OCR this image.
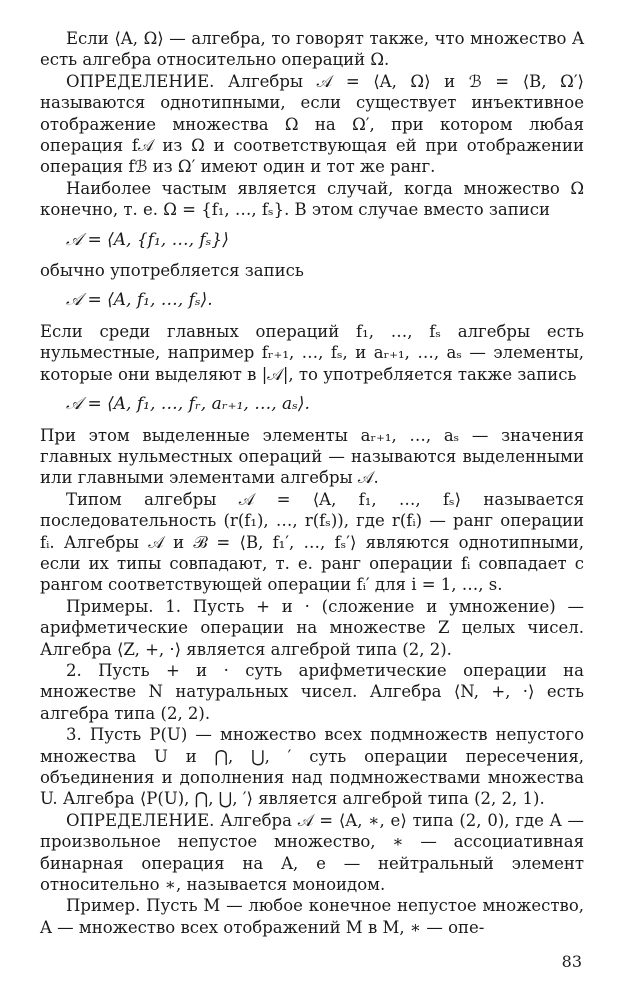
Если ⟨A, Ω⟩ — алгебра, то говорят также, что множество A есть алгебра относительно операций Ω.

ОПРЕДЕЛЕНИЕ. Алгебры 𝒜 = ⟨A, Ω⟩ и ℬ = ⟨B, Ω′⟩ называются однотипными, если существует инъективное отображение множества Ω на Ω′, при котором любая операция f𝒜 из Ω и соответствующая ей при отображении операция fℬ из Ω′ имеют один и тот же ранг.

Наиболее частым является случай, когда множество Ω конечно, т. е. Ω = {f₁, …, fₛ}. В этом случае вместо записи

𝒜 = ⟨A, {f₁, …, fₛ}⟩

обычно употребляется запись

𝒜 = ⟨A, f₁, …, fₛ⟩.

Если среди главных операций f₁, …, fₛ алгебры есть нульместные, например fᵣ₊₁, …, fₛ, и aᵣ₊₁, …, aₛ — элементы, которые они выделяют в |𝒜|, то употребляется также запись

𝒜 = ⟨A, f₁, …, fᵣ, aᵣ₊₁, …, aₛ⟩.

При этом выделенные элементы aᵣ₊₁, …, aₛ — значения главных нульместных операций — называются выделенными или главными элементами алгебры 𝒜.

Типом алгебры 𝒜 = ⟨A, f₁, …, fₛ⟩ называется последовательность (r(f₁), …, r(fₛ)), где r(fᵢ) — ранг операции fᵢ. Алгебры 𝒜 и ℬ = ⟨B, f₁′, …, fₛ′⟩ являются однотипными, если их типы совпадают, т. е. ранг операции fᵢ совпадает с рангом соответствующей операции fᵢ′ для i = 1, …, s.

Примеры. 1. Пусть + и · (сложение и умножение) — арифметические операции на множестве Z целых чисел. Алгебра ⟨Z, +, ·⟩ является алгеброй типа (2, 2).

2. Пусть + и · суть арифметические операции на множестве N натуральных чисел. Алгебра ⟨N, +, ·⟩ есть алгебра типа (2, 2).

3. Пусть P(U) — множество всех подмножеств непустого множества U и ⋂, ⋃, ′ суть операции пересечения, объединения и дополнения над подмножествами множества U. Алгебра ⟨P(U), ⋂, ⋃, ′⟩ является алгеброй типа (2, 2, 1).

ОПРЕДЕЛЕНИЕ. Алгебра 𝒜 = ⟨A, ∗, e⟩ типа (2, 0), где A — произвольное непустое множество, ∗ — ассоциативная бинарная операция на A, e — нейтральный элемент относительно ∗, называется моноидом.

Пример. Пусть M — любое конечное непустое множество, A — множество всех отображений M в M, ∗ — опе-

83
